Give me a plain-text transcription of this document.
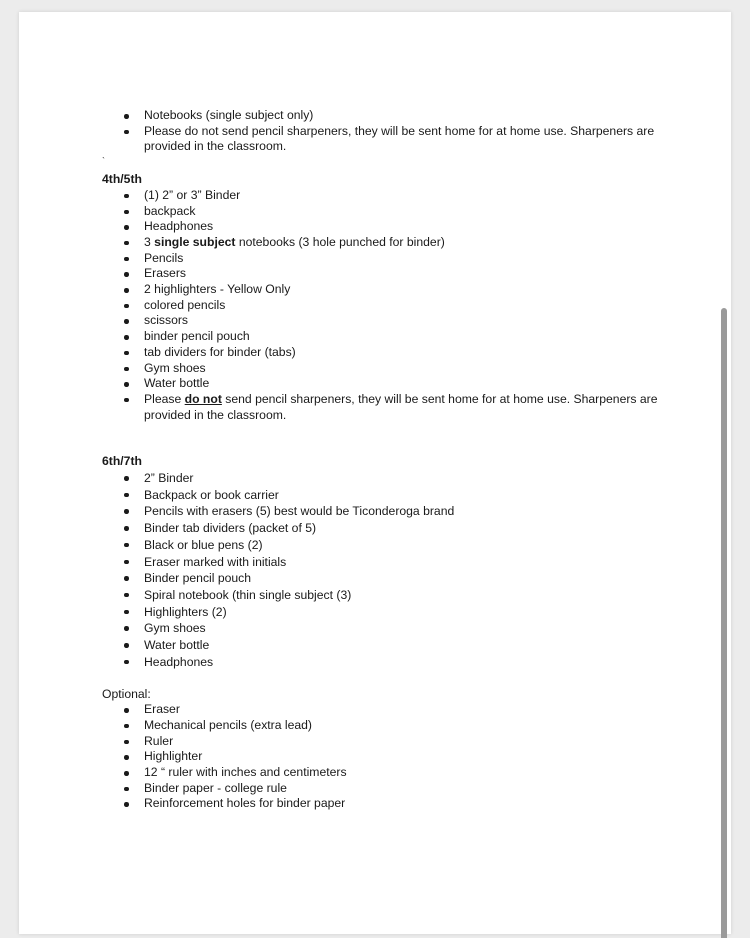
Notebooks (single subject only)
Please do not send pencil sharpeners, they will be sent home for at home use. Sharpeners are provided in the classroom.
`
4th/5th
(1) 2” or 3” Binder
backpack
Headphones
3 single subject notebooks (3 hole punched for binder)
Pencils
Erasers
2 highlighters - Yellow Only
colored pencils
scissors
binder pencil pouch
tab dividers for binder (tabs)
Gym shoes
Water bottle
Please do not send pencil sharpeners, they will be sent home for at home use. Sharpeners are provided in the classroom.
6th/7th
2” Binder
Backpack or book carrier
Pencils with erasers (5) best would be Ticonderoga brand
Binder tab dividers (packet of 5)
Black or blue pens (2)
Eraser marked with initials
Binder pencil pouch
Spiral notebook (thin single subject (3)
Highlighters (2)
Gym shoes
Water bottle
Headphones
Optional:
Eraser
Mechanical pencils (extra lead)
Ruler
Highlighter
12 “ ruler with inches and centimeters
Binder paper - college rule
Reinforcement holes for binder paper
